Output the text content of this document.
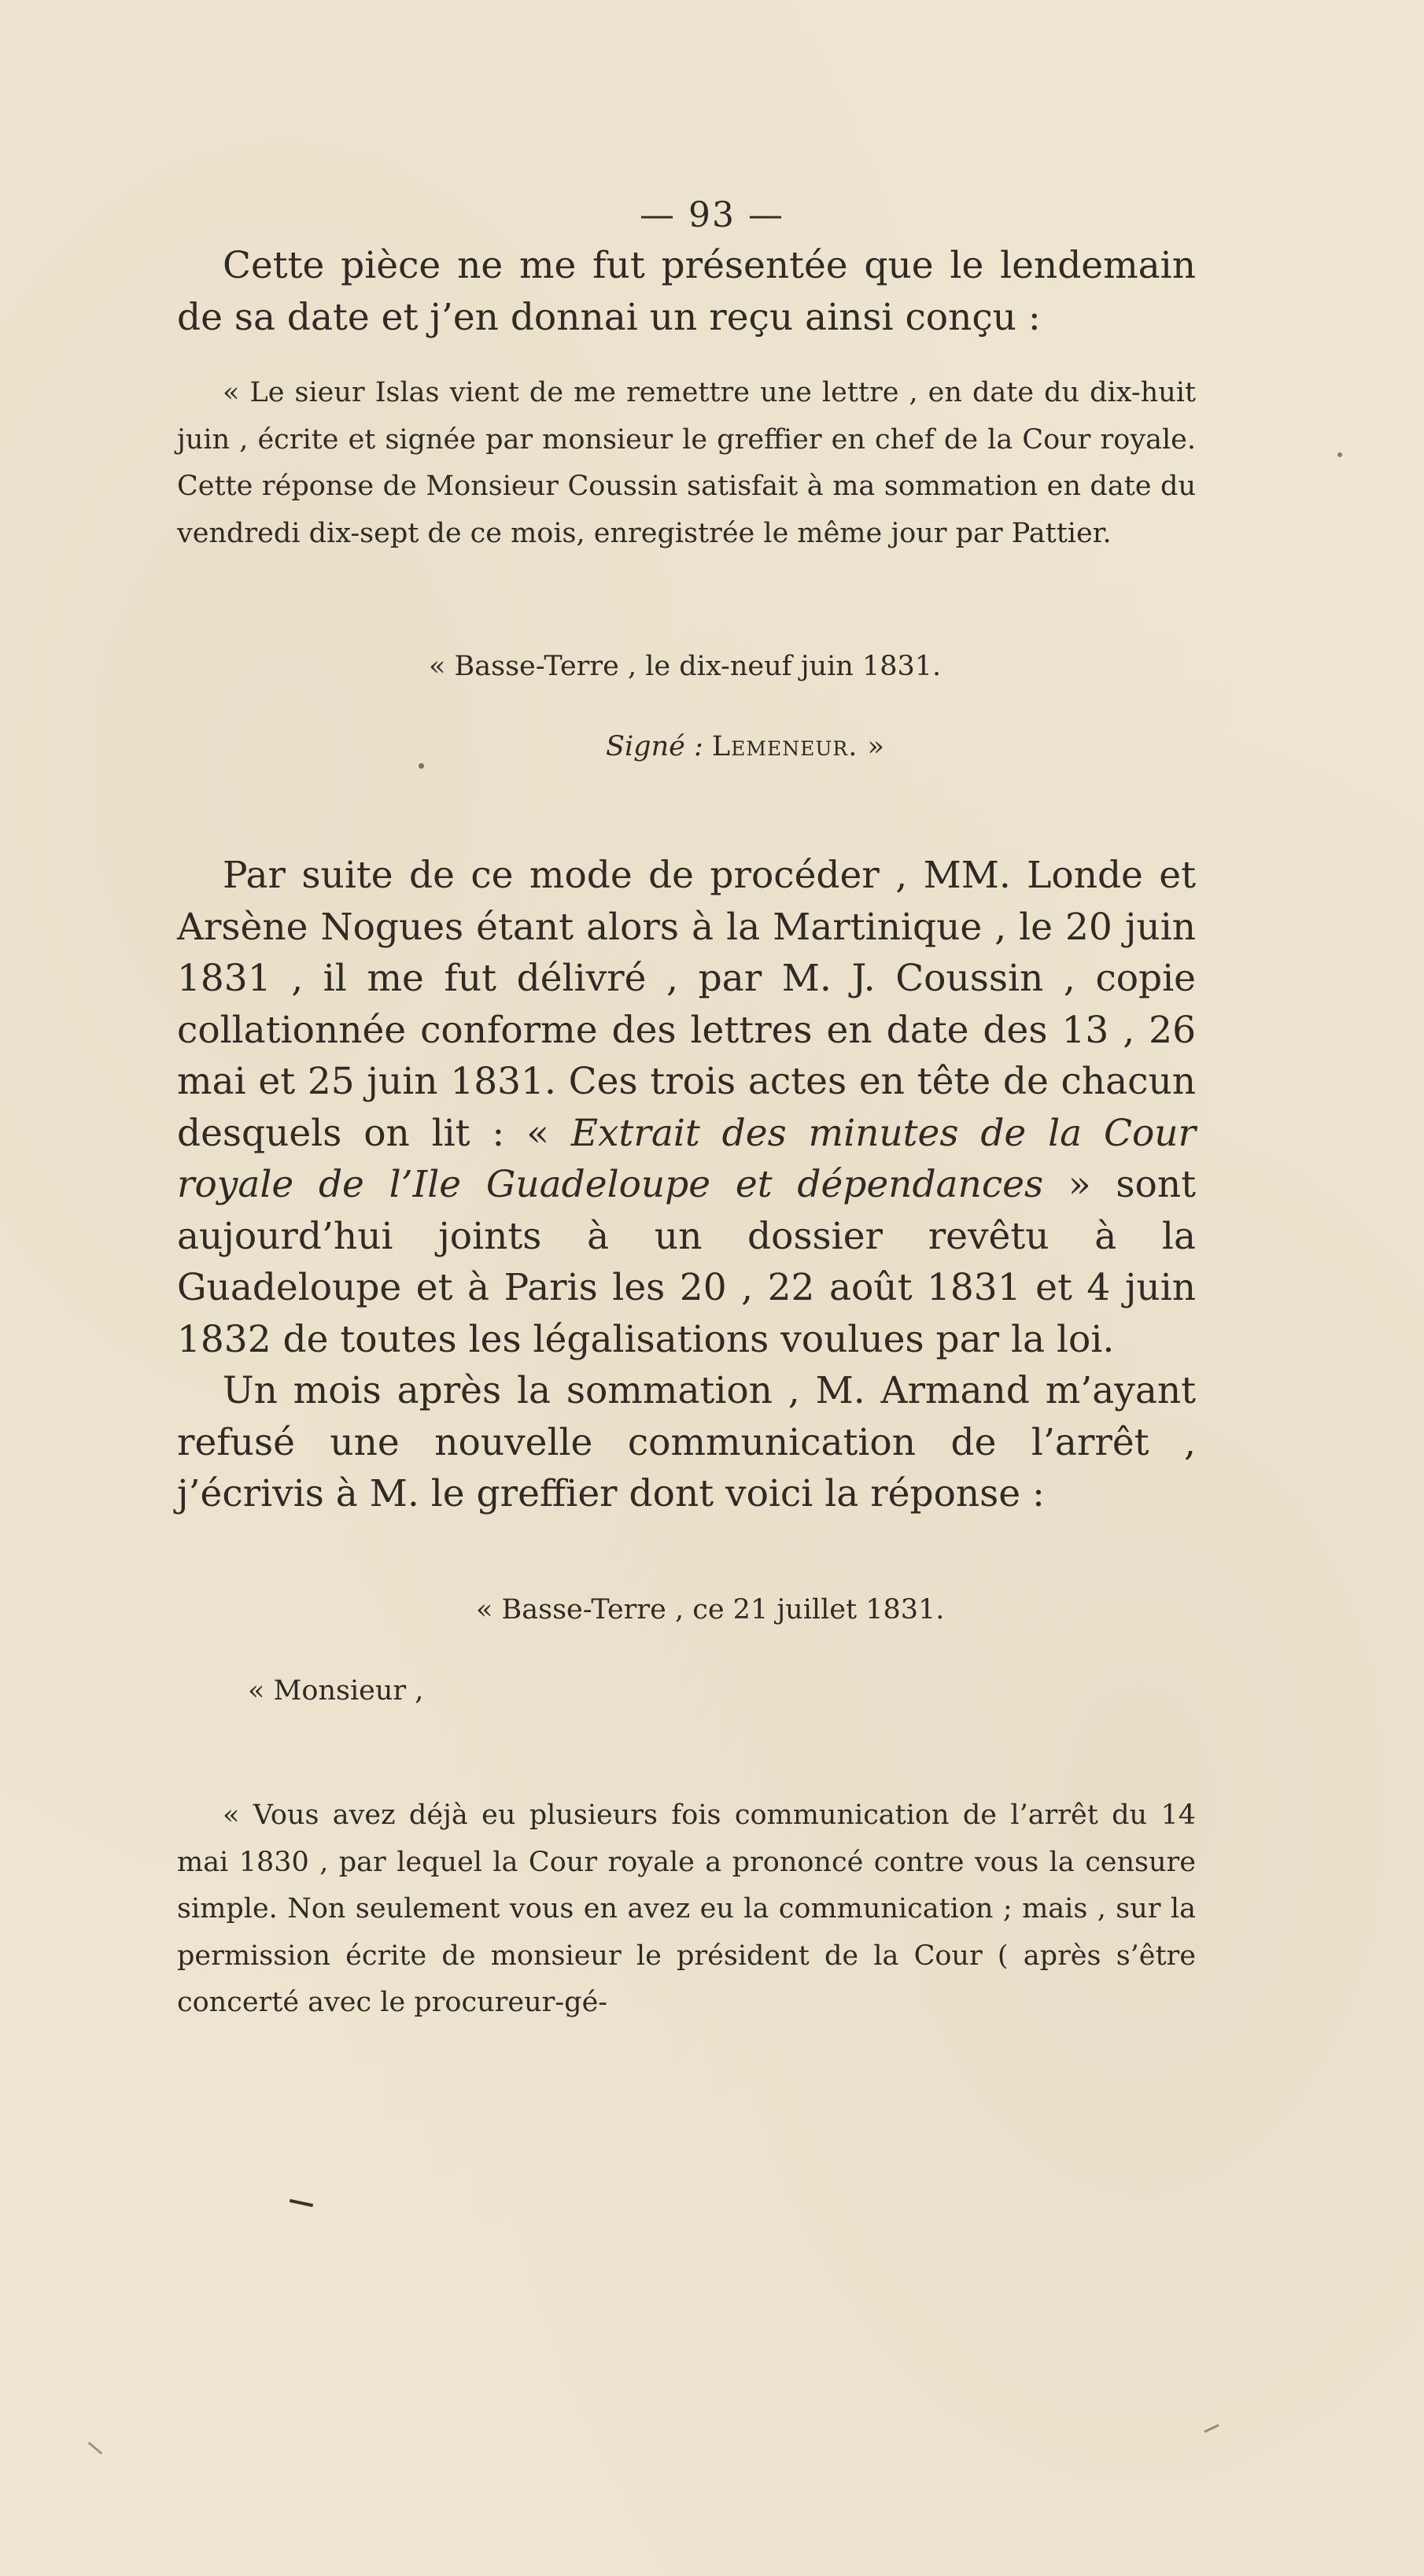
— 93 —

Cette pièce ne me fut présentée que le lendemain de sa date et j’en donnai un reçu ainsi conçu :

« Le sieur Islas vient de me remettre une lettre , en date du dix-huit juin , écrite et signée par monsieur le greffier en chef de la Cour royale. Cette réponse de Monsieur Coussin satisfait à ma sommation en date du vendredi dix-sept de ce mois, enregistrée le même jour par Pattier.

« Basse-Terre , le dix-neuf juin 1831.

Signé : Lemeneur. »

Par suite de ce mode de procéder , MM. Londe et Arsène Nogues étant alors à la Martinique , le 20 juin 1831 , il me fut délivré , par M. J. Coussin , copie collationnée conforme des lettres en date des 13 , 26 mai et 25 juin 1831. Ces trois actes en tête de chacun desquels on lit : « Extrait des minutes de la Cour royale de l’Ile Guadeloupe et dépendances » sont aujourd’hui joints à un dossier revêtu à la Guadeloupe et à Paris les 20 , 22 août 1831 et 4 juin 1832 de toutes les légalisations voulues par la loi.

Un mois après la sommation , M. Armand m’ayant refusé une nouvelle communication de l’arrêt , j’écrivis à M. le greffier dont voici la réponse :

« Basse-Terre , ce 21 juillet 1831.

« Monsieur ,

« Vous avez déjà eu plusieurs fois communication de l’arrêt du 14 mai 1830 , par lequel la Cour royale a prononcé contre vous la censure simple. Non seulement vous en avez eu la communication ; mais , sur la permission écrite de monsieur le président de la Cour ( après s’être concerté avec le procureur-gé-
